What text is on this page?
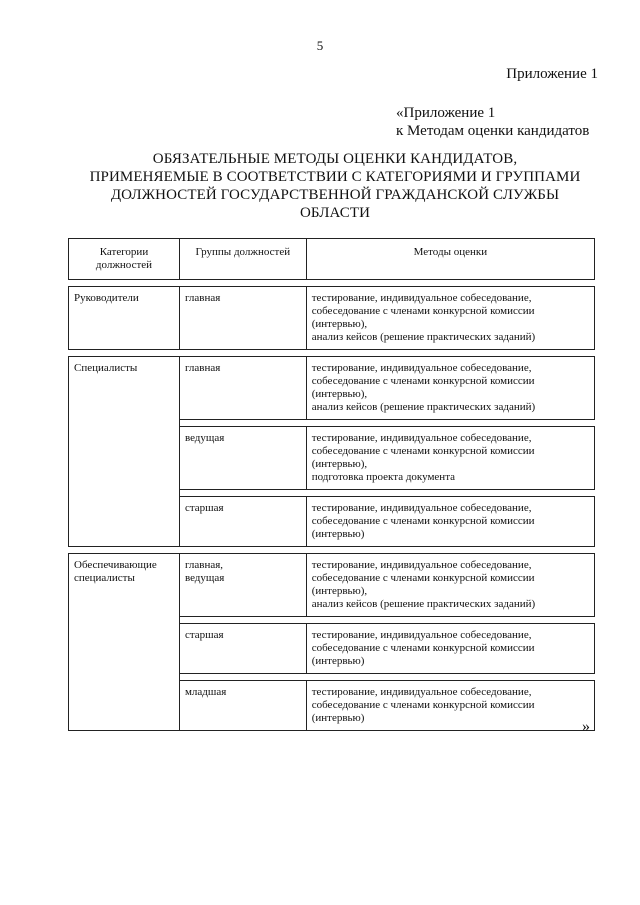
5
Приложение 1
«Приложение 1
к Методам оценки кандидатов
ОБЯЗАТЕЛЬНЫЕ МЕТОДЫ ОЦЕНКИ КАНДИДАТОВ,
ПРИМЕНЯЕМЫЕ В СООТВЕТСТВИИ С КАТЕГОРИЯМИ И ГРУППАМИ
ДОЛЖНОСТЕЙ ГОСУДАРСТВЕННОЙ ГРАЖДАНСКОЙ СЛУЖБЫ
ОБЛАСТИ
Категории
должностей	Группы должностей	Методы оценки

Руководители	главная	тестирование, индивидуальное собеседование,
собеседование с членами конкурсной комиссии
(интервью),
анализ кейсов (решение практических заданий)

Специалисты	главная	тестирование, индивидуальное собеседование,
собеседование с членами конкурсной комиссии
(интервью),
анализ кейсов (решение практических заданий)

	ведущая	тестирование, индивидуальное собеседование,
собеседование с членами конкурсной комиссии
(интервью),
подготовка проекта документа

	старшая	тестирование, индивидуальное собеседование,
собеседование с членами конкурсной комиссии
(интервью)

Обеспечивающие
специалисты	главная,
ведущая	тестирование, индивидуальное собеседование,
собеседование с членами конкурсной комиссии
(интервью),
анализ кейсов (решение практических заданий)

	старшая	тестирование, индивидуальное собеседование,
собеседование с членами конкурсной комиссии
(интервью)

	младшая	тестирование, индивидуальное собеседование,
собеседование с членами конкурсной комиссии
(интервью)	»
